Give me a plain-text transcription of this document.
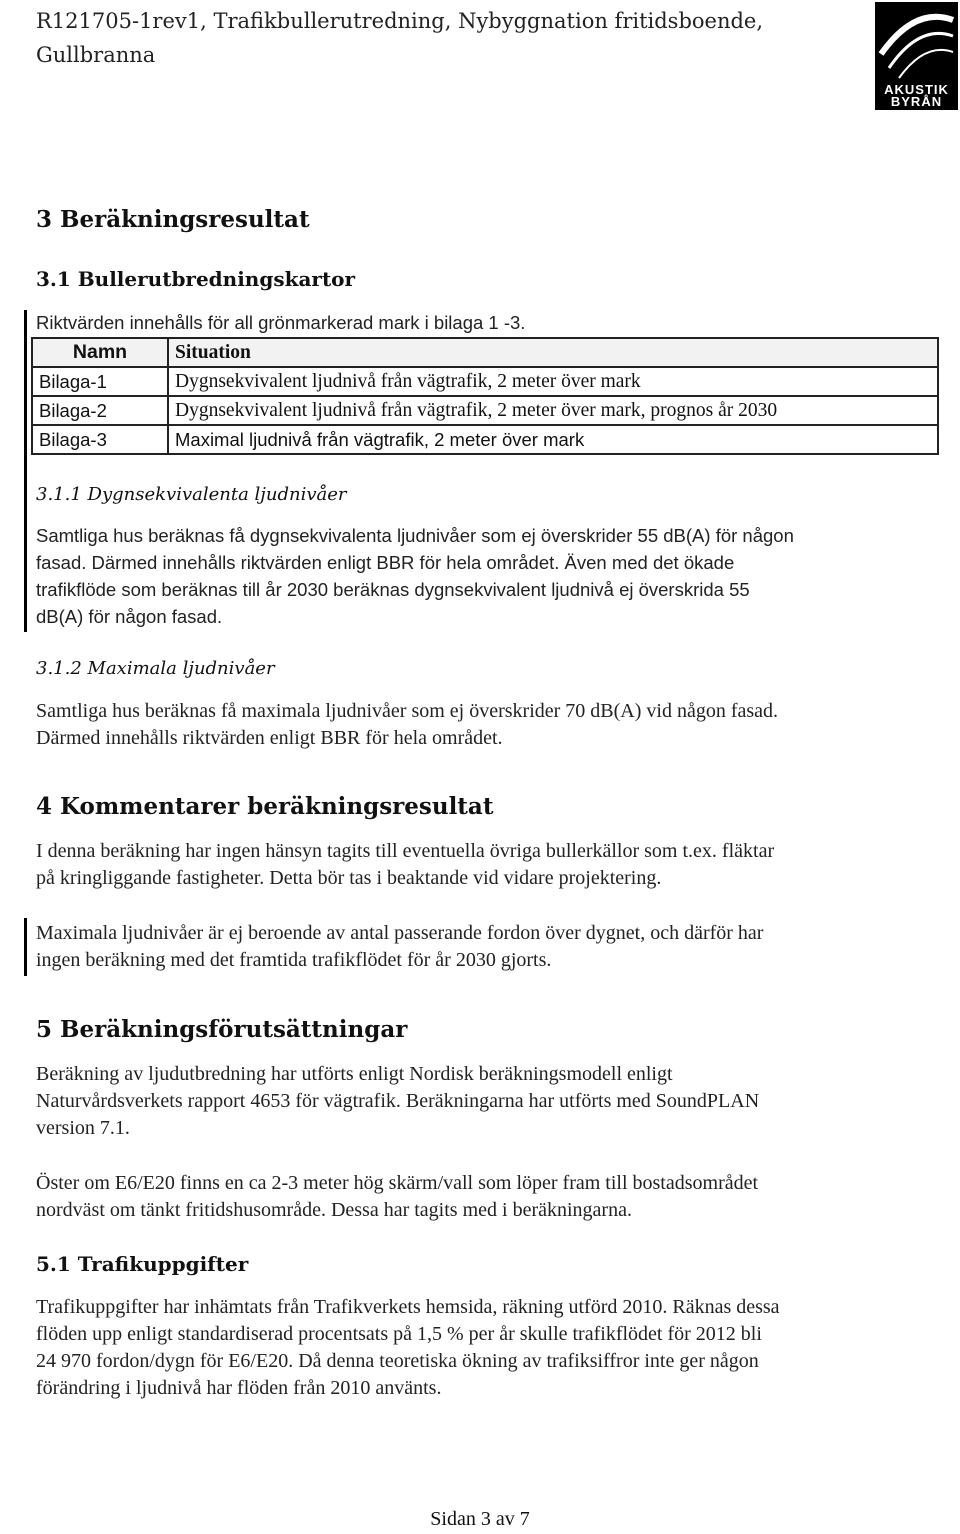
R121705-1rev1, Trafikbullerutredning, Nybyggnation fritidsboende,
Gullbranna
AKUSTIK
BYRÅN
3 Beräkningsresultat
3.1 Bullerutbredningskartor
Riktvärden innehålls för all grönmarkerad mark i bilaga 1 -3.
Namn	Situation
Bilaga-1	Dygnsekvivalent ljudnivå från vägtrafik, 2 meter över mark
Bilaga-2	Dygnsekvivalent ljudnivå från vägtrafik, 2 meter över mark, prognos år 2030
Bilaga-3	Maximal ljudnivå från vägtrafik, 2 meter över mark
3.1.1 Dygnsekvivalenta ljudnivåer
Samtliga hus beräknas få dygnsekvivalenta ljudnivåer som ej överskrider 55 dB(A) för någon
fasad. Därmed innehålls riktvärden enligt BBR för hela området. Även med det ökade
trafikflöde som beräknas till år 2030 beräknas dygnsekvivalent ljudnivå ej överskrida 55
dB(A) för någon fasad.
3.1.2 Maximala ljudnivåer
Samtliga hus beräknas få maximala ljudnivåer som ej överskrider 70 dB(A) vid någon fasad.
Därmed innehålls riktvärden enligt BBR för hela området.
4 Kommentarer beräkningsresultat
I denna beräkning har ingen hänsyn tagits till eventuella övriga bullerkällor som t.ex. fläktar
på kringliggande fastigheter. Detta bör tas i beaktande vid vidare projektering.
Maximala ljudnivåer är ej beroende av antal passerande fordon över dygnet, och därför har
ingen beräkning med det framtida trafikflödet för år 2030 gjorts.
5 Beräkningsförutsättningar
Beräkning av ljudutbredning har utförts enligt Nordisk beräkningsmodell enligt
Naturvårdsverkets rapport 4653 för vägtrafik. Beräkningarna har utförts med SoundPLAN
version 7.1.
Öster om E6/E20 finns en ca 2-3 meter hög skärm/vall som löper fram till bostadsområdet
nordväst om tänkt fritidshusområde. Dessa har tagits med i beräkningarna.
5.1 Trafikuppgifter
Trafikuppgifter har inhämtats från Trafikverkets hemsida, räkning utförd 2010. Räknas dessa
flöden upp enligt standardiserad procentsats på 1,5 % per år skulle trafikflödet för 2012 bli
24 970 fordon/dygn för E6/E20. Då denna teoretiska ökning av trafiksiffror inte ger någon
förändring i ljudnivå har flöden från 2010 använts.
Sidan 3 av 7
